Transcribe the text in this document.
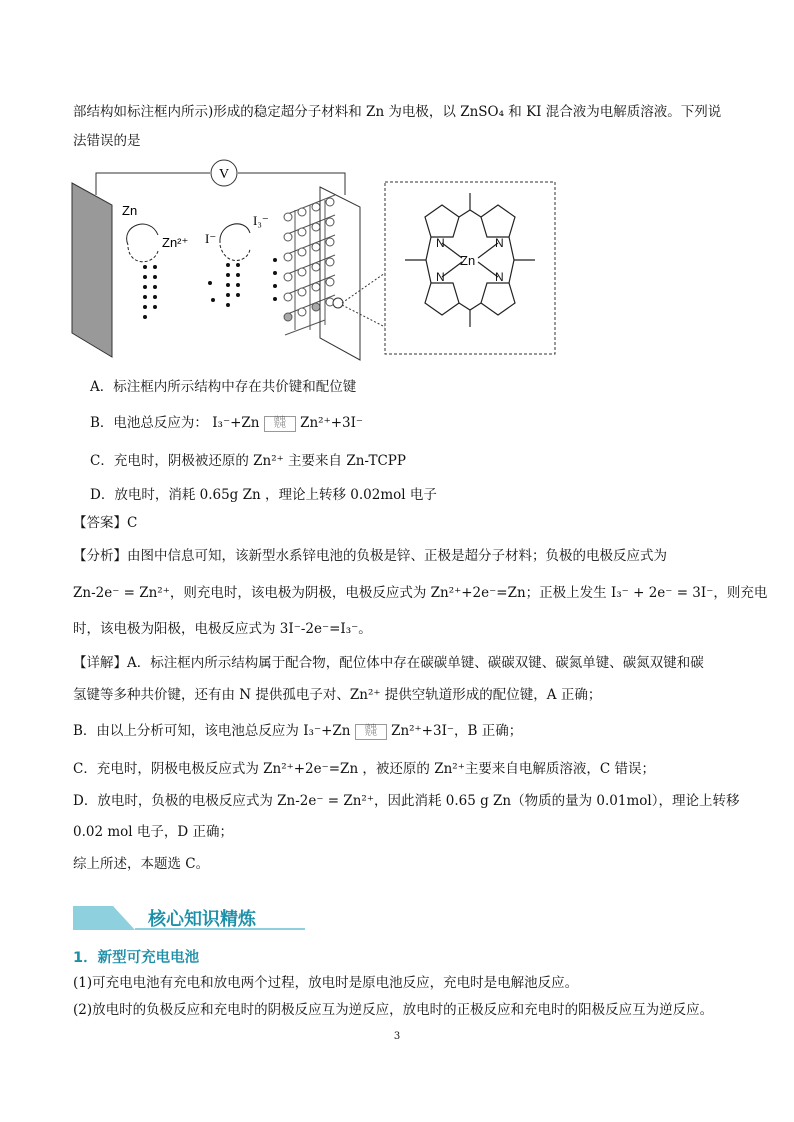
部结构如标注框内所示)形成的稳定超分子材料和 Zn 为电极，以 ZnSO₄ 和 KI 混合液为电解质溶液。下列说
法错误的是
V
Zn
Zn²⁺ I⁻
I₃⁻
N	N
N	N
Zn
A．标注框内所示结构中存在共价键和配位键
B．电池总反应为： I₃⁻+Zn 放电
充电 Zn²⁺+3I⁻
C．充电时，阴极被还原的 Zn²⁺ 主要来自 Zn-TCPP
D．放电时，消耗 0.65g Zn ，理论上转移 0.02mol 电子
【答案】C
【分析】由图中信息可知，该新型水系锌电池的负极是锌、正极是超分子材料；负极的电极反应式为
Zn-2e⁻ = Zn²⁺，则充电时，该电极为阴极，电极反应式为 Zn²⁺+2e⁻=Zn；正极上发生 I₃⁻ + 2e⁻ = 3I⁻，则充电
时，该电极为阳极，电极反应式为 3I⁻-2e⁻=I₃⁻。
【详解】A．标注框内所示结构属于配合物，配位体中存在碳碳单键、碳碳双键、碳氮单键、碳氮双键和碳
氢键等多种共价键，还有由 N 提供孤电子对、Zn²⁺ 提供空轨道形成的配位键，A 正确；
B．由以上分析可知，该电池总反应为 I₃⁻+Zn 放电
充电 Zn²⁺+3I⁻，B 正确；
C．充电时，阴极电极反应式为 Zn²⁺+2e⁻=Zn ，被还原的 Zn²⁺主要来自电解质溶液，C 错误；
D．放电时，负极的电极反应式为 Zn-2e⁻ = Zn²⁺，因此消耗 0.65 g Zn（物质的量为 0.01mol），理论上转移
0.02 mol 电子，D 正确；
综上所述，本题选 C。
核心知识精炼
1．新型可充电电池
(1)可充电电池有充电和放电两个过程，放电时是原电池反应，充电时是电解池反应。
(2)放电时的负极反应和充电时的阴极反应互为逆反应，放电时的正极反应和充电时的阳极反应互为逆反应。
3
